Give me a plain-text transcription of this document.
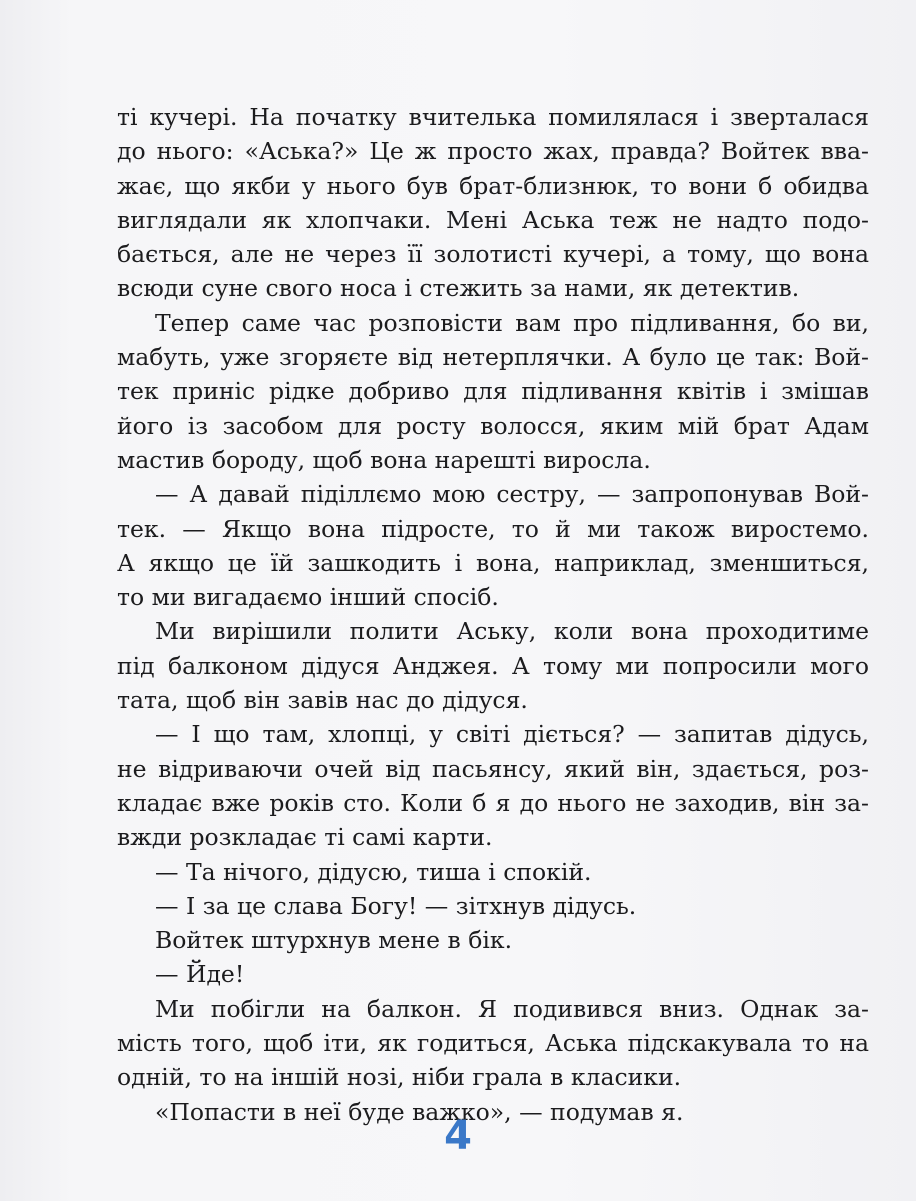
ті кучері. На початку вчителька помилялася і зверталася
до нього: «Аська?» Це ж просто жах, правда? Войтек вва-
жає, що якби у нього був брат-близнюк, то вони б обидва
виглядали як хлопчаки. Мені Аська теж не надто подо-
бається, але не через її золотисті кучері, а тому, що вона
всюди суне свого носа і стежить за нами, як детектив.
Тепер саме час розповісти вам про підливання, бо ви,
мабуть, уже згоряєте від нетерплячки. А було це так: Вой-
тек приніс рідке добриво для підливання квітів і змішав
його із засобом для росту волосся, яким мій брат Адам
мастив бороду, щоб вона нарешті виросла.
— А давай піділлємо мою сестру, — запропонував Вой-
тек. — Якщо вона підросте, то й ми також виростемо.
А якщо це їй зашкодить і вона, наприклад, зменшиться,
то ми вигадаємо інший спосіб.
Ми вирішили полити Аську, коли вона проходитиме
під балконом дідуся Анджея. А тому ми попросили мого
тата, щоб він завів нас до дідуся.
— І що там, хлопці, у світі діється? — запитав дідусь,
не відриваючи очей від пасьянсу, який він, здається, роз-
кладає вже років сто. Коли б я до нього не заходив, він за-
вжди розкладає ті самі карти.
— Та нічого, дідусю, тиша і спокій.
— І за це слава Богу! — зітхнув дідусь.
Войтек штурхнув мене в бік.
— Йде!
Ми побігли на балкон. Я подивився вниз. Однак за-
мість того, щоб іти, як годиться, Аська підскакувала то на
одній, то на іншій нозі, ніби грала в класики.
«Попасти в неї буде важко», — подумав я.
4
